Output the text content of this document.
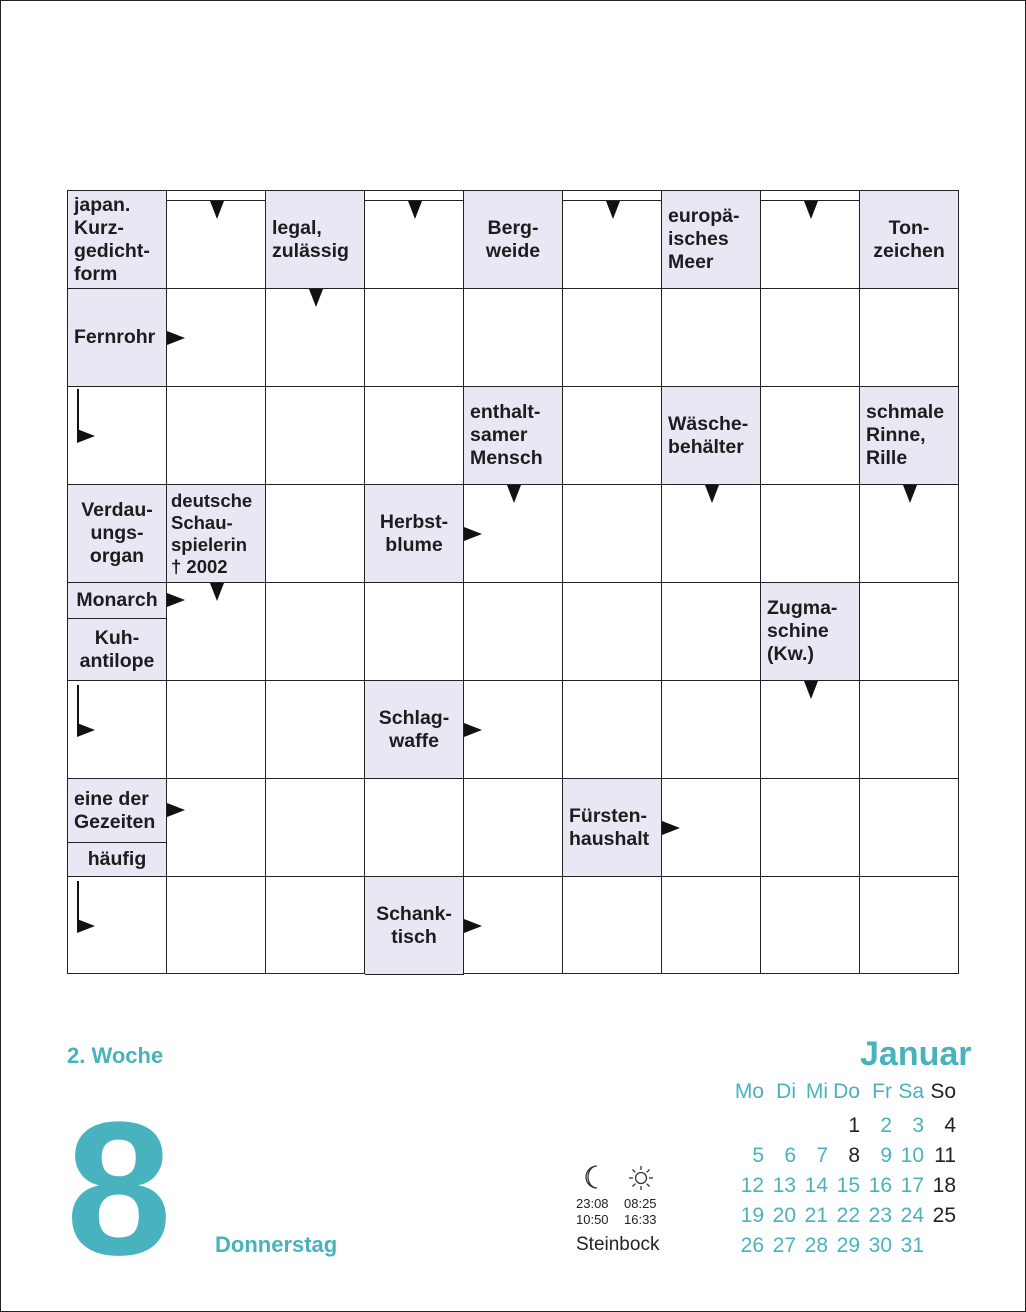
japan.
Kurz-
gedicht-
form
legal,
zulässig
Berg-
weide
europä-
isches
Meer
Ton-
zeichen
Fernrohr
enthalt-
samer
Mensch
Wäsche-
behälter
schmale
Rinne,
Rille
Verdau-
ungs-
organ
deutsche
Schau-
spielerin
† 2002
Herbst-
blume
Monarch
Kuh-
antilope
Zugma-
schine
(Kw.)
Schlag-
waffe
eine der
Gezeiten
häufig
Fürsten-
haushalt
Schank-
tisch
2. Woche
8 Donnerstag
23:08
10:50
08:25
16:33
Steinbock
Januar
Mo Di Mi Do Fr Sa So
1 2 3 4
5 6 7 8 9 10 11
12 13 14 15 16 17 18
19 20 21 22 23 24 25
26 27 28 29 30 31
